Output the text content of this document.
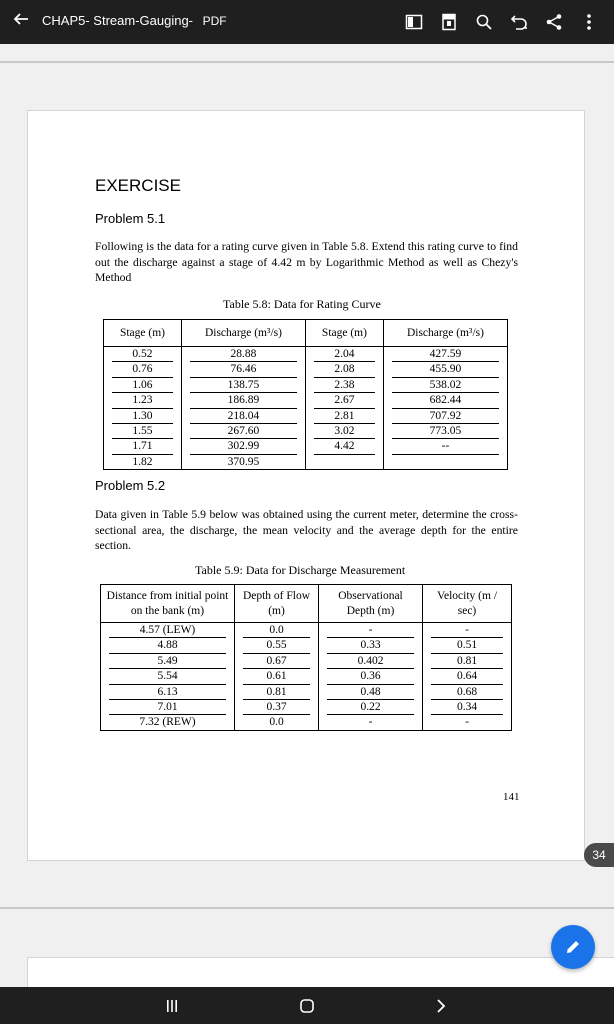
CHAP5- Stream-Gauging- PDF
EXERCISE
Problem 5.1
Following is the data for a rating curve given in Table 5.8. Extend this rating curve to find out the discharge against a stage of 4.42 m by Logarithmic Method as well as Chezy's Method
Table 5.8: Data for Rating Curve
Stage (m)	Discharge (m³/s)	Stage (m)	Discharge (m³/s)

0.52	28.88	2.04	427.59

0.76	76.46	2.08	455.90

1.06	138.75	2.38	538.02

1.23	186.89	2.67	682.44

1.30	218.04	2.81	707.92

1.55	267.60	3.02	773.05

1.71	302.99	4.42	--

1.82	370.95		
Problem 5.2
Data given in Table 5.9 below was obtained using the current meter, determine the cross-sectional area, the discharge, the mean velocity and the average depth for the entire section.
Table 5.9: Data for Discharge Measurement
Distance from initial point on the bank (m)	Depth of Flow (m)	Observational Depth (m)	Velocity (m / sec)

4.57 (LEW)	0.0	-	-

4.88	0.55	0.33	0.51

5.49	0.67	0.402	0.81

5.54	0.61	0.36	0.64

6.13	0.81	0.48	0.68

7.01	0.37	0.22	0.34

7.32 (REW)	0.0	-	-
141
34
